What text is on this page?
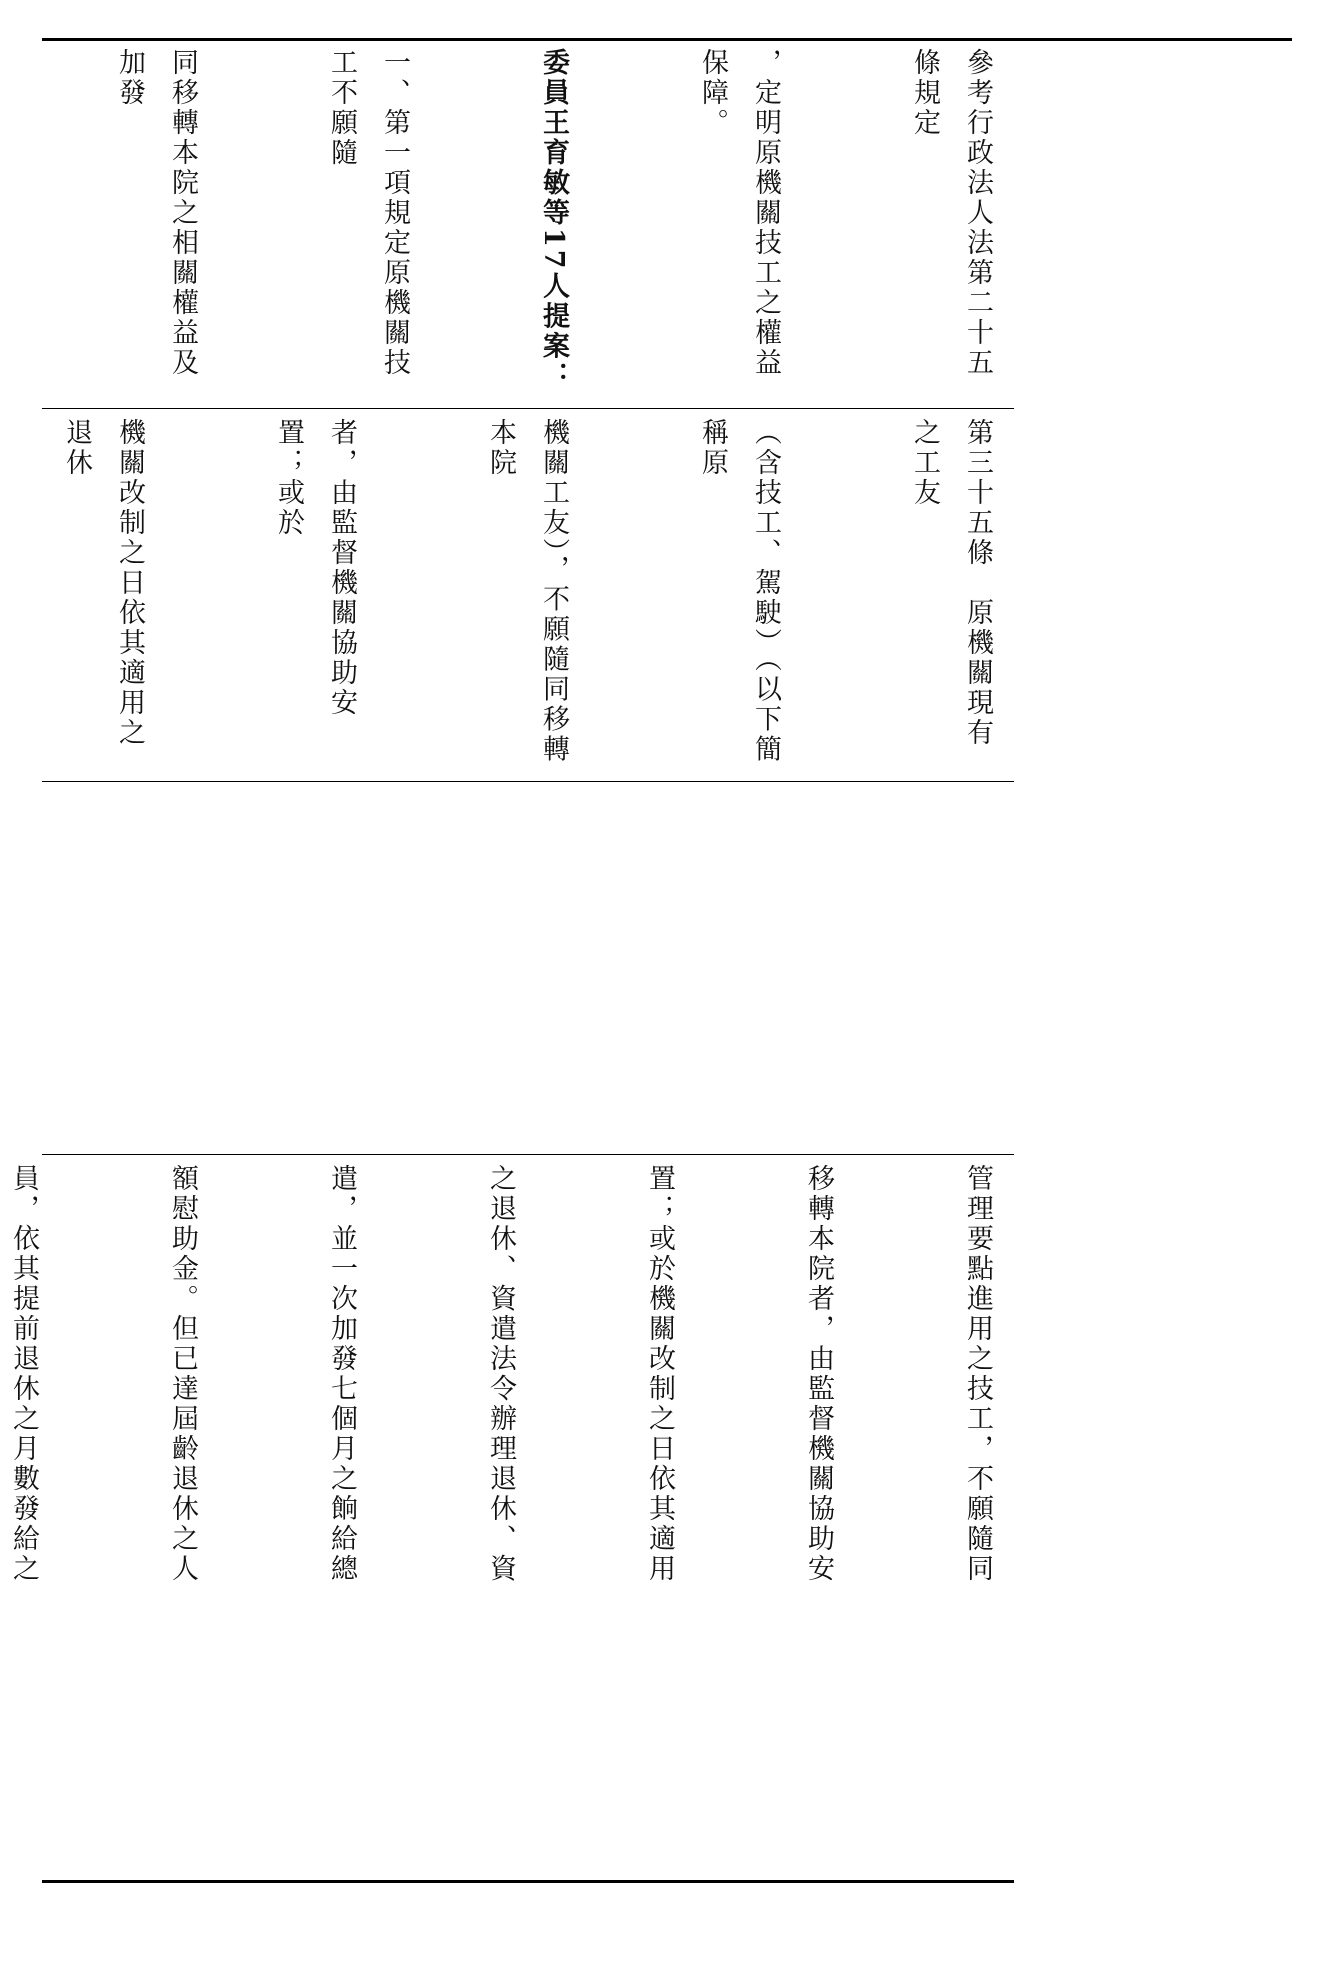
參考行政法人法第二十五條規定

，定明原機關技工之權益保障。

委員王育敏等17人提案：

一、第一項規定原機關技工不願隨

同移轉本院之相關權益及加發

第三十五條　原機關現有之工友

（含技工、駕駛）（以下簡稱原

機關工友），不願隨同移轉本院

者，由監督機關協助安置；或於

機關改制之日依其適用之退休

管理要點進用之技工，不願隨同

移轉本院者，由監督機關協助安

置；或於機關改制之日依其適用

之退休、資遣法令辦理退休、資

遣，並一次加發七個月之餉給總

額慰助金。但已達屆齡退休之人

員，依其提前退休之月數發給之
